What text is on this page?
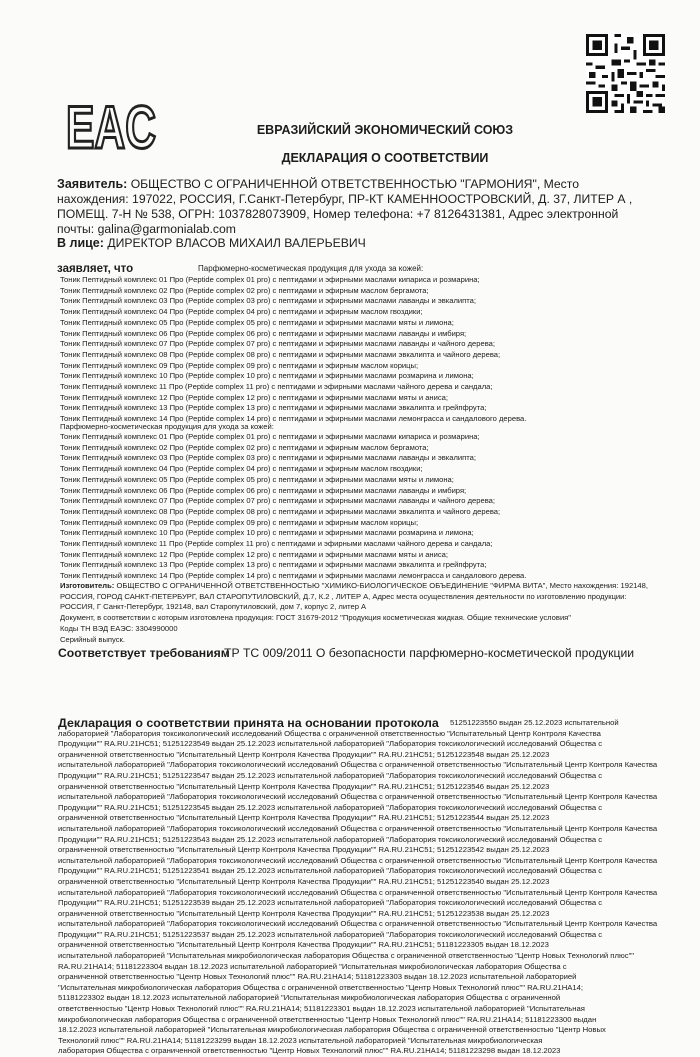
EAC	ЕВРАЗИЙСКИЙ ЭКОНОМИЧЕСКИЙ СОЮЗ
ДЕКЛАРАЦИЯ О СООТВЕТСТВИИ
Заявитель: ОБЩЕСТВО С ОГРАНИЧЕННОЙ ОТВЕТСТВЕННОСТЬЮ "ГАРМОНИЯ", Место нахождения: 197022, РОССИЯ, Г.Санкт-Петербург, ПР-КТ КАМЕННООСТРОВСКИЙ, Д. 37, ЛИТЕР А , ПОМЕЩ. 7-Н № 538, ОГРН: 1037828073909, Номер телефона: +7 8126431381, Адрес электронной почты: galina@garmonialab.com
В лице: ДИРЕКТОР ВЛАСОВ МИХАИЛ ВАЛЕРЬЕВИЧ
заявляет, что	Парфюмерно-косметическая продукция для ухода за кожей:
Тоник Пептидный комплекс 01 Про (Peptide complex 01 pro) с пептидами и эфирными маслами кипариса и розмарина;
Тоник Пептидный комплекс 02 Про (Peptide complex 02 pro) с пептидами и эфирным маслом бергамота;
Тоник Пептидный комплекс 03 Про (Peptide complex 03 pro) с пептидами и эфирными маслами лаванды и эвкалипта;
Тоник Пептидный комплекс 04 Про (Peptide complex 04 pro) с пептидами и эфирным маслом гвоздики;
Тоник Пептидный комплекс 05 Про (Peptide complex 05 pro) с пептидами и эфирными маслами мяты и лимона;
Тоник Пептидный комплекс 06 Про (Peptide complex 06 pro) с пептидами и эфирными маслами лаванды и имбиря;
Тоник Пептидный комплекс 07 Про (Peptide complex 07 pro) с пептидами и эфирными маслами лаванды и чайного дерева;
Тоник Пептидный комплекс 08 Про (Peptide complex 08 pro) с пептидами и эфирными маслами эвкалипта и чайного дерева;
Тоник Пептидный комплекс 09 Про (Peptide complex 09 pro) с пептидами и эфирным маслом корицы;
Тоник Пептидный комплекс 10 Про (Peptide complex 10 pro) с пептидами и эфирными маслами розмарина и лимона;
Тоник Пептидный комплекс 11 Про (Peptide complex 11 pro) с пептидами и эфирными маслами чайного дерева и сандала;
Тоник Пептидный комплекс 12 Про (Peptide complex 12 pro) с пептидами и эфирными маслами мяты и аниса;
Тоник Пептидный комплекс 13 Про (Peptide complex 13 pro) с пептидами и эфирными маслами эвкалипта и грейпфрута;
Тоник Пептидный комплекс 14 Про (Peptide complex 14 pro) с пептидами и эфирными маслами лемонграсса и сандалового дерева.
Парфюмерно-косметическая продукция для ухода за кожей:
Тоник Пептидный комплекс 01 Про (Peptide complex 01 pro) с пептидами и эфирными маслами кипариса и розмарина;
Тоник Пептидный комплекс 02 Про (Peptide complex 02 pro) с пептидами и эфирным маслом бергамота;
Тоник Пептидный комплекс 03 Про (Peptide complex 03 pro) с пептидами и эфирными маслами лаванды и эвкалипта;
Тоник Пептидный комплекс 04 Про (Peptide complex 04 pro) с пептидами и эфирным маслом гвоздики;
Тоник Пептидный комплекс 05 Про (Peptide complex 05 pro) с пептидами и эфирными маслами мяты и лимона;
Тоник Пептидный комплекс 06 Про (Peptide complex 06 pro) с пептидами и эфирными маслами лаванды и имбиря;
Тоник Пептидный комплекс 07 Про (Peptide complex 07 pro) с пептидами и эфирными маслами лаванды и чайного дерева;
Тоник Пептидный комплекс 08 Про (Peptide complex 08 pro) с пептидами и эфирными маслами эвкалипта и чайного дерева;
Тоник Пептидный комплекс 09 Про (Peptide complex 09 pro) с пептидами и эфирным маслом корицы;
Тоник Пептидный комплекс 10 Про (Peptide complex 10 pro) с пептидами и эфирными маслами розмарина и лимона;
Тоник Пептидный комплекс 11 Про (Peptide complex 11 pro) с пептидами и эфирными маслами чайного дерева и сандала;
Тоник Пептидный комплекс 12 Про (Peptide complex 12 pro) с пептидами и эфирными маслами мяты и аниса;
Тоник Пептидный комплекс 13 Про (Peptide complex 13 pro) с пептидами и эфирными маслами эвкалипта и грейпфрута;
Тоник Пептидный комплекс 14 Про (Peptide complex 14 pro) с пептидами и эфирными маслами лемонграсса и сандалового дерева.
Изготовитель: ОБЩЕСТВО С ОГРАНИЧЕННОЙ ОТВЕТСТВЕННОСТЬЮ "ХИМИКО-БИОЛОГИЧЕСКОЕ ОБЪЕДИНЕНИЕ "ФИРМА ВИТА", Место нахождения: 192148, РОССИЯ, ГОРОД САНКТ-ПЕТЕРБУРГ, ВАЛ СТАРОПУТИЛОВСКИЙ, Д.7, К.2 , ЛИТЕР А, Адрес места осуществления деятельности по изготовлению продукции: РОССИЯ, Г Санкт-Петербург, 192148, вал Старопутиловский, дом 7, корпус 2, литер А
Документ, в соответствии с которым изготовлена продукция: ГОСТ 31679-2012 "Продукция косметическая жидкая. Общие технические условия"
Коды ТН ВЭД ЕАЭС: 3304990000
Серийный выпуск.
Соответствует требованиям
ТР ТС 009/2011 О безопасности парфюмерно-косметической продукции
Декларация о соответствии принята на основании протокола	51251223550 выдан 25.12.2023 испытательной
лабораторией "Лаборатория токсикологический исследований Общества с ограниченной ответственностью "Испытательный Центр Контроля Качества
Продукции"" RA.RU.21HC51; 51251223549 выдан 25.12.2023 испытательной лабораторией "Лаборатория токсикологический исследований Общества с
ограниченной ответственностью "Испытательный Центр Контроля Качества Продукции"" RA.RU.21HC51; 51251223548 выдан 25.12.2023
испытательной лабораторией "Лаборатория токсикологический исследований Общества с ограниченной ответственностью "Испытательный Центр Контроля Качества
Продукции"" RA.RU.21HC51; 51251223547 выдан 25.12.2023 испытательной лабораторией "Лаборатория токсикологический исследований Общества с
ограниченной ответственностью "Испытательный Центр Контроля Качества Продукции"" RA.RU.21HC51; 51251223546 выдан 25.12.2023
испытательной лабораторией "Лаборатория токсикологический исследований Общества с ограниченной ответственностью "Испытательный Центр Контроля Качества
Продукции"" RA.RU.21HC51; 51251223545 выдан 25.12.2023 испытательной лабораторией "Лаборатория токсикологический исследований Общества с
ограниченной ответственностью "Испытательный Центр Контроля Качества Продукции"" RA.RU.21HC51; 51251223544 выдан 25.12.2023
испытательной лабораторией "Лаборатория токсикологический исследований Общества с ограниченной ответственностью "Испытательный Центр Контроля Качества
Продукции"" RA.RU.21HC51; 51251223543 выдан 25.12.2023 испытательной лабораторией "Лаборатория токсикологический исследований Общества с
ограниченной ответственностью "Испытательный Центр Контроля Качества Продукции"" RA.RU.21HC51; 51251223542 выдан 25.12.2023
испытательной лабораторией "Лаборатория токсикологический исследований Общества с ограниченной ответственностью "Испытательный Центр Контроля Качества
Продукции"" RA.RU.21HC51; 51251223541 выдан 25.12.2023 испытательной лабораторией "Лаборатория токсикологический исследований Общества с
ограниченной ответственностью "Испытательный Центр Контроля Качества Продукции"" RA.RU.21HC51; 51251223540 выдан 25.12.2023
испытательной лабораторией "Лаборатория токсикологический исследований Общества с ограниченной ответственностью "Испытательный Центр Контроля Качества
Продукции"" RA.RU.21HC51; 51251223539 выдан 25.12.2023 испытательной лабораторией "Лаборатория токсикологический исследований Общества с
ограниченной ответственностью "Испытательный Центр Контроля Качества Продукции"" RA.RU.21HC51; 51251223538 выдан 25.12.2023
испытательной лабораторией "Лаборатория токсикологический исследований Общества с ограниченной ответственностью "Испытательный Центр Контроля Качества
Продукции"" RA.RU.21HC51; 51251223537 выдан 25.12.2023 испытательной лабораторией "Лаборатория токсикологический исследований Общества с
ограниченной ответственностью "Испытательный Центр Контроля Качества Продукции"" RA.RU.21HC51; 51181223305 выдан 18.12.2023
испытательной лабораторией "Испытательная микробиологическая лаборатория Общества с ограниченной ответственностью "Центр Новых Технологий плюс""
RA.RU.21HA14; 51181223304 выдан 18.12.2023 испытательной лабораторией "Испытательная микробиологическая лаборатория Общества с
ограниченной ответственностью "Центр Новых Технологий плюс"" RA.RU.21HA14; 51181223303 выдан 18.12.2023 испытательной лабораторией
"Испытательная микробиологическая лаборатория Общества с ограниченной ответственностью "Центр Новых Технологий плюс"" RA.RU.21HA14;
51181223302 выдан 18.12.2023 испытательной лабораторией "Испытательная микробиологическая лаборатория Общества с ограниченной
ответственностью "Центр Новых Технологий плюс"" RA.RU.21HA14; 51181223301 выдан 18.12.2023 испытательной лабораторией "Испытательная
микробиологическая лаборатория Общества с ограниченной ответственностью "Центр Новых Технологий плюс"" RA.RU.21HA14; 51181223300 выдан
18.12.2023 испытательной лабораторией "Испытательная микробиологическая лаборатория Общества с ограниченной ответственностью "Центр Новых
Технологий плюс"" RA.RU.21HA14; 51181223299 выдан 18.12.2023 испытательной лабораторией "Испытательная микробиологическая
лаборатория Общества с ограниченной ответственностью "Центр Новых Технологий плюс"" RA.RU.21HA14; 51181223298 выдан 18.12.2023
